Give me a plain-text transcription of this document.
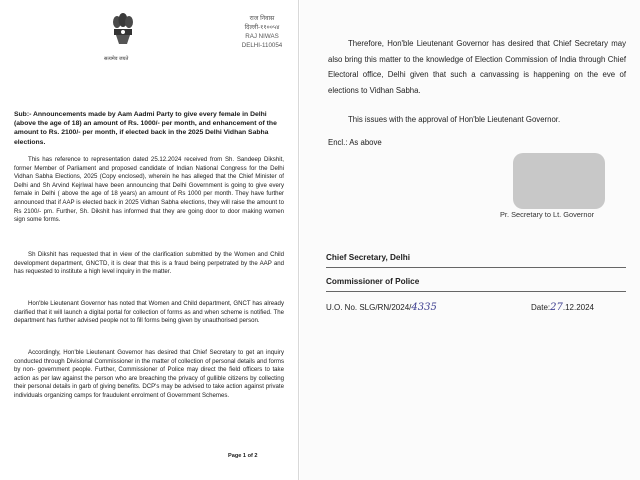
सत्यमेव जयते
राज निवास
दिल्ली-११००५४
RAJ NIWAS
DELHI-110054
Sub:- Announcements made by Aam Aadmi Party to give every female in Delhi (above the age of 18) an amount of Rs. 1000/- per month, and enhancement of the amount to Rs. 2100/- per month, if elected back in the 2025 Delhi Vidhan Sabha elections.
This has reference to representation dated 25.12.2024 received from Sh. Sandeep Dikshit, former Member of Parliament and proposed candidate of Indian National Congress for the Delhi Vidhan Sabha Elections, 2025 (Copy enclosed), wherein he has alleged that the Chief Minister of Delhi and Sh Arvind Kejriwal have been announcing that Delhi Government is going to give every female in Delhi ( above the age of 18 years) an amount of Rs 1000 per month. They have further announced that if AAP is elected back in 2025 Vidhan Sabha elections, they will raise the amount to Rs 2100/- pm. Further, Sh. Dikshit has informed that they are going door to door making women sign some forms.
Sh Dikshit has requested that in view of the clarification submitted by the Women and Child development department, GNCTD, it is clear that this is a fraud being perpetrated by the AAP and has requested to institute a high level inquiry in the matter.
Hon'ble Lieutenant Governor has noted that Women and Child department, GNCT has already clarified that it will launch a digital portal for collection of forms as and when scheme is notified. The department has further advised people not to fill forms being given by unauthorised person.
Accordingly, Hon'ble Lieutenant Governor has desired that Chief Secretary to get an inquiry conducted through Divisional Commissioner in the matter of collection of personal details and forms by non- government people. Further, Commissioner of Police may direct the field officers to take action as per law against the person who are breaching the privacy of gullible citizens by collecting their personal details in garb of giving benefits. DCP's may be advised to take action against private individuals organizing camps for fraudulent enrolment of Government Schemes.
Page 1 of 2
Therefore, Hon'ble Lieutenant Governor has desired that Chief Secretary may also bring this matter to the knowledge of Election Commission of India through Chief Electoral office, Delhi given that such a canvassing is happening on the eve of elections to Vidhan Sabha.
This issues with the approval of Hon'ble Lieutenant Governor.
Encl.: As above
Pr. Secretary to Lt. Governor
Chief Secretary, Delhi
Commissioner of Police
U.O. No. SLG/RN/2024/4335	Date:27.12.2024
